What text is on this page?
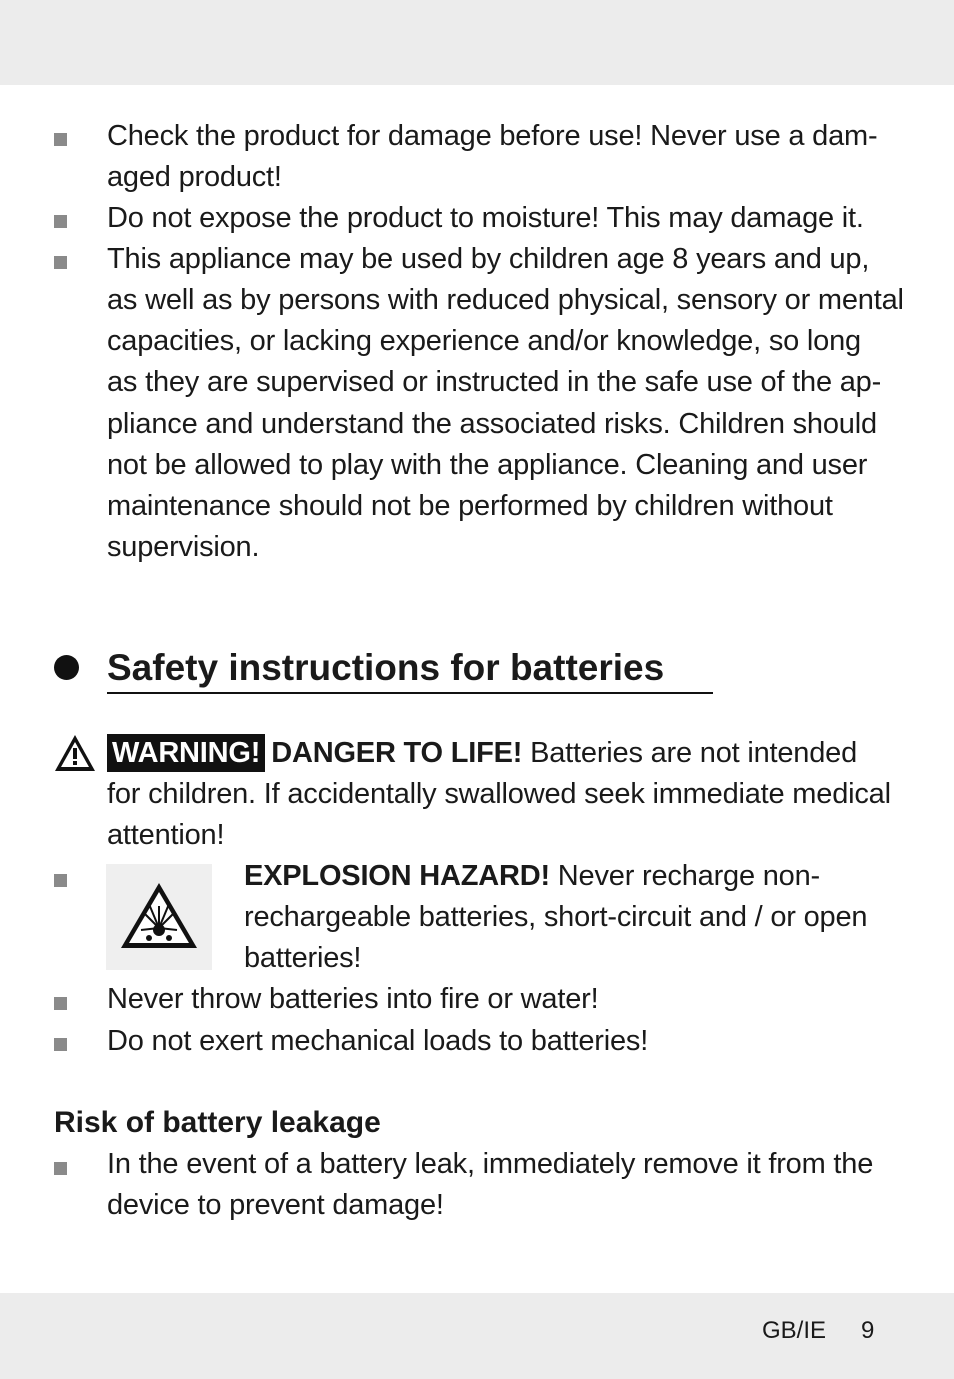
Check the product for damage before use! Never use a dam-
aged product!
Do not expose the product to moisture! This may damage it.
This appliance may be used by children age 8 years and up,
as well as by persons with reduced physical, sensory or mental
capacities, or lacking experience and/or knowledge, so long
as they are supervised or instructed in the safe use of the ap-
pliance and understand the associated risks. Children should
not be allowed to play with the appliance. Cleaning and user
maintenance should not be performed by children without
supervision.
Safety instructions for batteries
WARNING! DANGER TO LIFE! Batteries are not intended
for children. If accidentally swallowed seek immediate medical
attention!
EXPLOSION HAZARD! Never recharge non-
rechargeable batteries, short-circuit and / or open
batteries!
Never throw batteries into fire or water!
Do not exert mechanical loads to batteries!
Risk of battery leakage
In the event of a battery leak, immediately remove it from the
device to prevent damage!
GB/IE 9
